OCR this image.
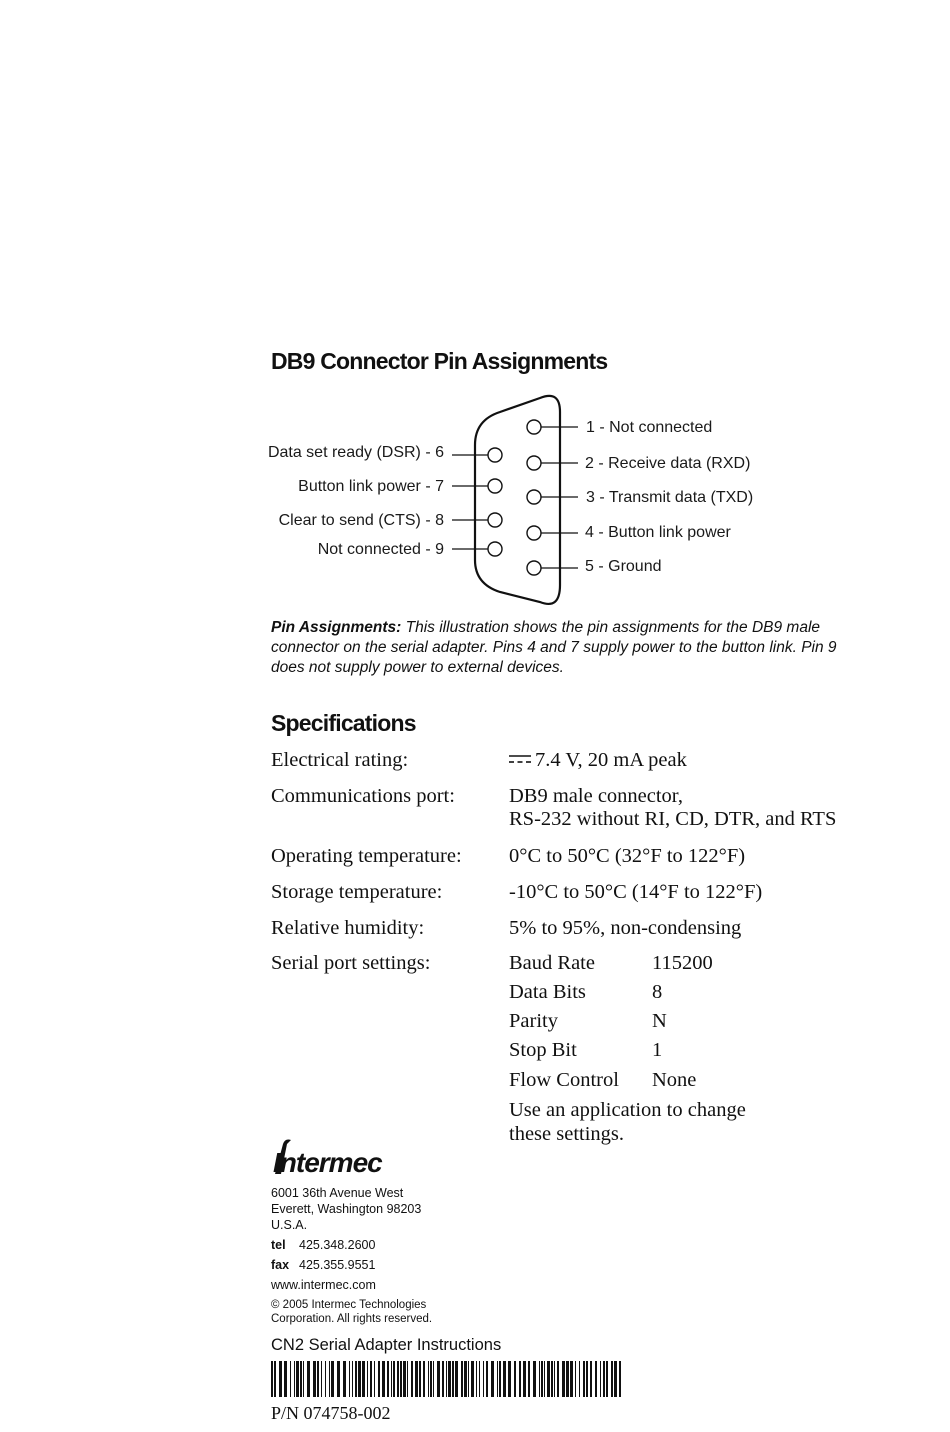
DB9 Connector Pin Assignments
1 - Not connected
2 - Receive data (RXD)
3 - Transmit data (TXD)
4 - Button link power
5 - Ground
Data set ready (DSR) - 6
Button link power - 7
Clear to send (CTS) - 8
Not connected - 9
Pin Assignments: This illustration shows the pin assignments for the DB9 male connector on the serial adapter. Pins 4 and 7 supply power to the button link. Pin 9 does not supply power to external devices.
Specifications
Electrical rating:	7.4 V, 20 mA peak
Communications port:	DB9 male connector,
RS-232 without RI, CD, DTR, and RTS
Operating temperature: 0°C to 50°C (32°F to 122°F)
Storage temperature:	-10°C to 50°C (14°F to 122°F)
Relative humidity:	5% to 95%, non-condensing
Serial port settings:	Baud Rate	115200
Data Bits	8
Parity	N
Stop Bit	1
Flow Control None
Use an application to change
these settings.
Intermec
6001 36th Avenue West
Everett, Washington 98203
U.S.A.
tel 425.348.2600
fax 425.355.9551
www.intermec.com
© 2005 Intermec Technologies
Corporation. All rights reserved.
CN2 Serial Adapter Instructions
P/N 074758-002
